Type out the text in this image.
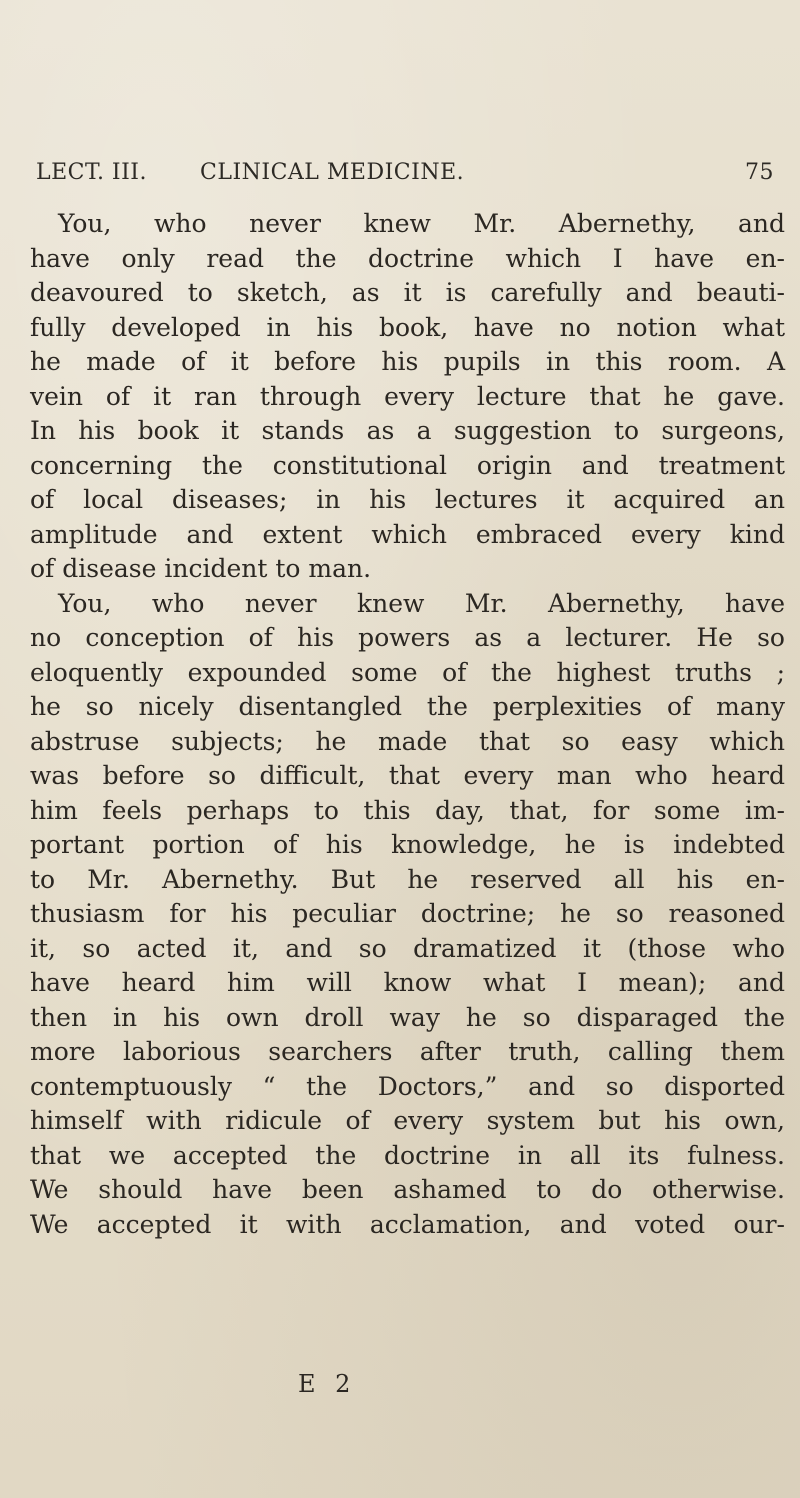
LECT. III. CLINICAL MEDICINE.	75
You, who never knew Mr. Abernethy, and
have only read the doctrine which I have en-
deavoured to sketch, as it is carefully and beauti-
fully developed in his book, have no notion what
he made of it before his pupils in this room. A
vein of it ran through every lecture that he gave.
In his book it stands as a suggestion to surgeons,
concerning the constitutional origin and treatment
of local diseases; in his lectures it acquired an
amplitude and extent which embraced every kind
of disease incident to man.
You, who never knew Mr. Abernethy, have
no conception of his powers as a lecturer. He so
eloquently expounded some of the highest truths ;
he so nicely disentangled the perplexities of many
abstruse subjects; he made that so easy which
was before so difficult, that every man who heard
him feels perhaps to this day, that, for some im-
portant portion of his knowledge, he is indebted
to Mr. Abernethy. But he reserved all his en-
thusiasm for his peculiar doctrine; he so reasoned
it, so acted it, and so dramatized it (those who
have heard him will know what I mean); and
then in his own droll way he so disparaged the
more laborious searchers after truth, calling them
contemptuously “ the Doctors,” and so disported
himself with ridicule of every system but his own,
that we accepted the doctrine in all its fulness.
We should have been ashamed to do otherwise.
We accepted it with acclamation, and voted our-
E 2
